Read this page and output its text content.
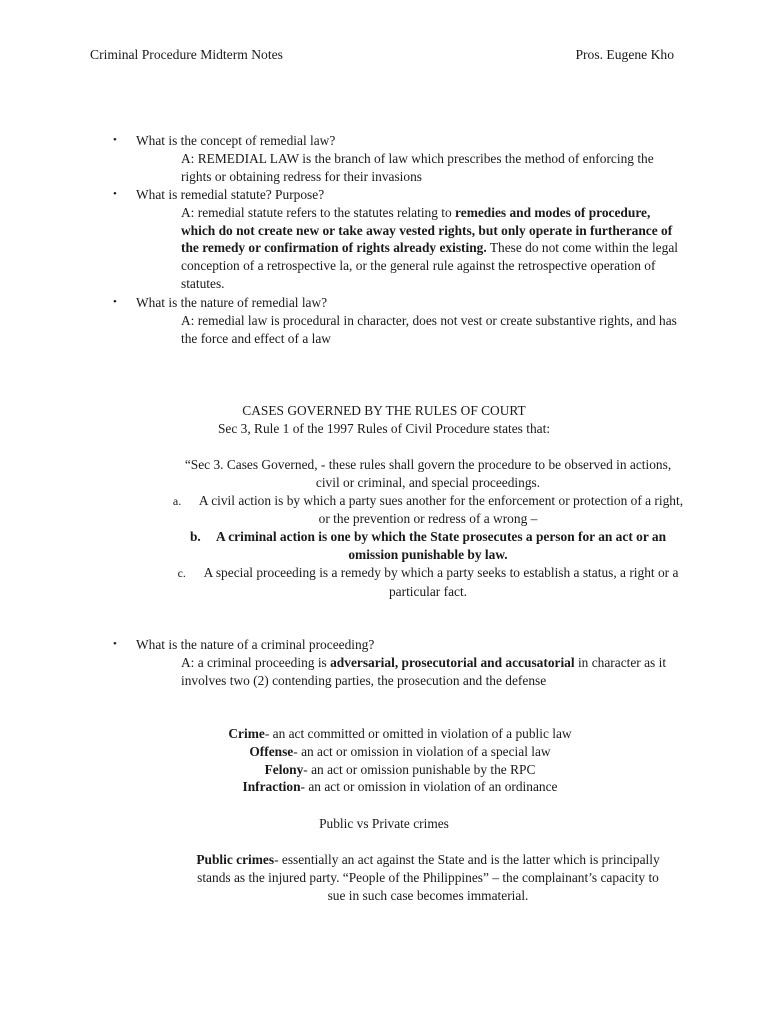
Criminal Procedure Midterm Notes	Pros. Eugene Kho
• What is the concept of remedial law?
A: REMEDIAL LAW is the branch of law which prescribes the method of enforcing the rights or obtaining redress for their invasions
• What is remedial statute? Purpose?
A: remedial statute refers to the statutes relating to remedies and modes of procedure, which do not create new or take away vested rights, but only operate in furtherance of the remedy or confirmation of rights already existing. These do not come within the legal conception of a retrospective la, or the general rule against the retrospective operation of statutes.
• What is the nature of remedial law?
A: remedial law is procedural in character, does not vest or create substantive rights, and has the force and effect of a law
CASES GOVERNED BY THE RULES OF COURT
Sec 3, Rule 1 of the 1997 Rules of Civil Procedure states that:
“Sec 3. Cases Governed, - these rules shall govern the procedure to be observed in actions, civil or criminal, and special proceedings.
a. A civil action is by which a party sues another for the enforcement or protection of a right, or the prevention or redress of a wrong –
b. A criminal action is one by which the State prosecutes a person for an act or an omission punishable by law.
c. A special proceeding is a remedy by which a party seeks to establish a status, a right or a particular fact.
• What is the nature of a criminal proceeding?
A: a criminal proceeding is adversarial, prosecutorial and accusatorial in character as it involves two (2) contending parties, the prosecution and the defense
Crime- an act committed or omitted in violation of a public law
Offense- an act or omission in violation of a special law
Felony- an act or omission punishable by the RPC
Infraction- an act or omission in violation of an ordinance
Public vs Private crimes
Public crimes- essentially an act against the State and is the latter which is principally stands as the injured party. “People of the Philippines” – the complainant’s capacity to sue in such case becomes immaterial.
